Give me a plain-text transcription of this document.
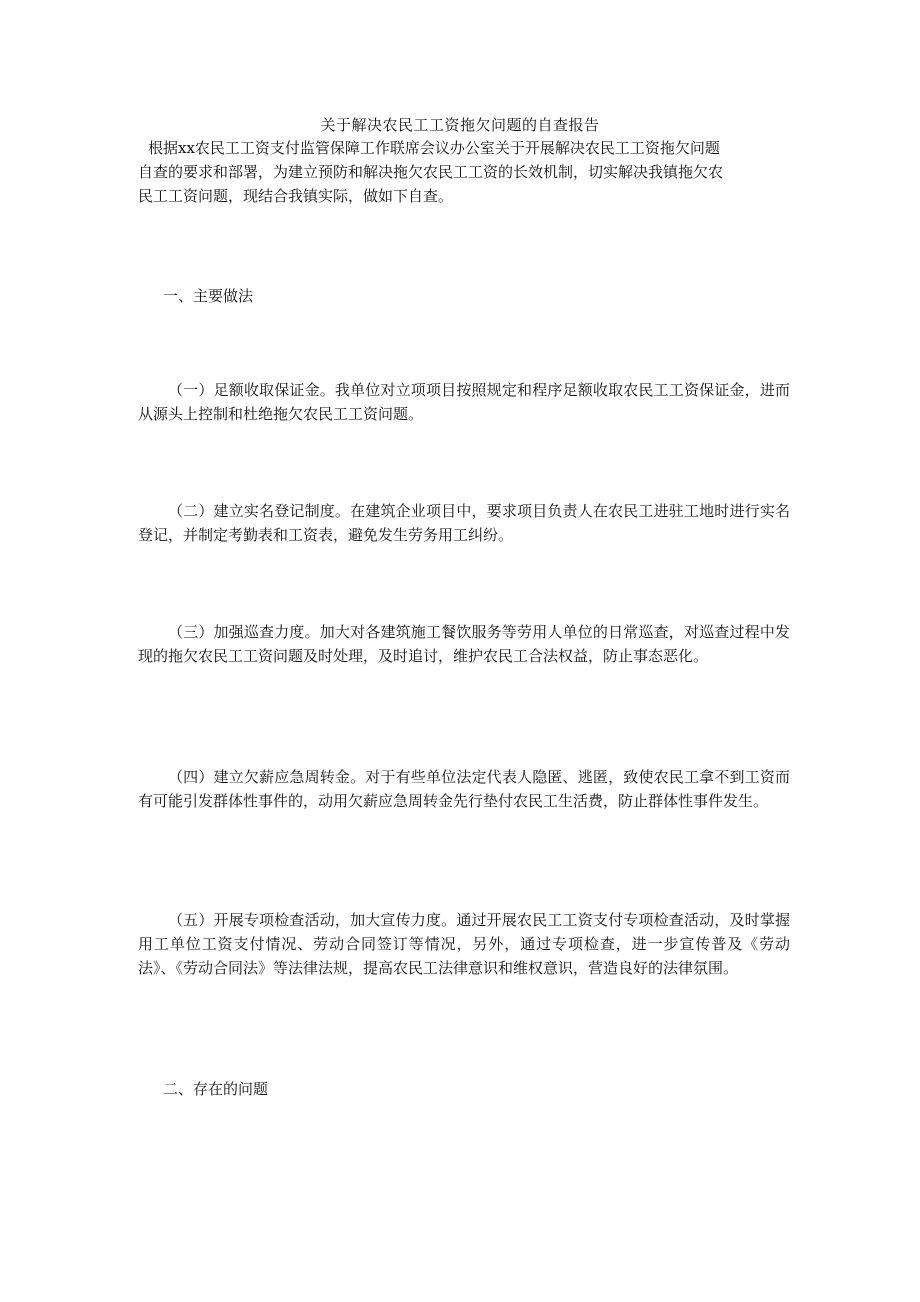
关于解决农民工工资拖欠问题的自查报告
根据xx农民工工资支付监管保障工作联席会议办公室关于开展解决农民工工资拖欠问题
自查的要求和部署，为建立预防和解决拖欠农民工工资的长效机制，切实解决我镇拖欠农
民工工资问题，现结合我镇实际，做如下自查。
一、主要做法
（一）足额收取保证金。我单位对立项项目按照规定和程序足额收取农民工工资保证金，进而从源头上控制和杜绝拖欠农民工工资问题。
（二）建立实名登记制度。在建筑企业项目中，要求项目负责人在农民工进驻工地时进行实名登记，并制定考勤表和工资表，避免发生劳务用工纠纷。
（三）加强巡查力度。加大对各建筑施工餐饮服务等劳用人单位的日常巡查，对巡查过程中发现的拖欠农民工工资问题及时处理，及时追讨，维护农民工合法权益，防止事态恶化。
（四）建立欠薪应急周转金。对于有些单位法定代表人隐匿、逃匿，致使农民工拿不到工资而有可能引发群体性事件的，动用欠薪应急周转金先行垫付农民工生活费，防止群体性事件发生。
（五）开展专项检查活动，加大宣传力度。通过开展农民工工资支付专项检查活动，及时掌握用工单位工资支付情况、劳动合同签订等情况，另外，通过专项检查，进一步宣传普及《劳动法》、《劳动合同法》等法律法规，提高农民工法律意识和维权意识，营造良好的法律氛围。
二、存在的问题
